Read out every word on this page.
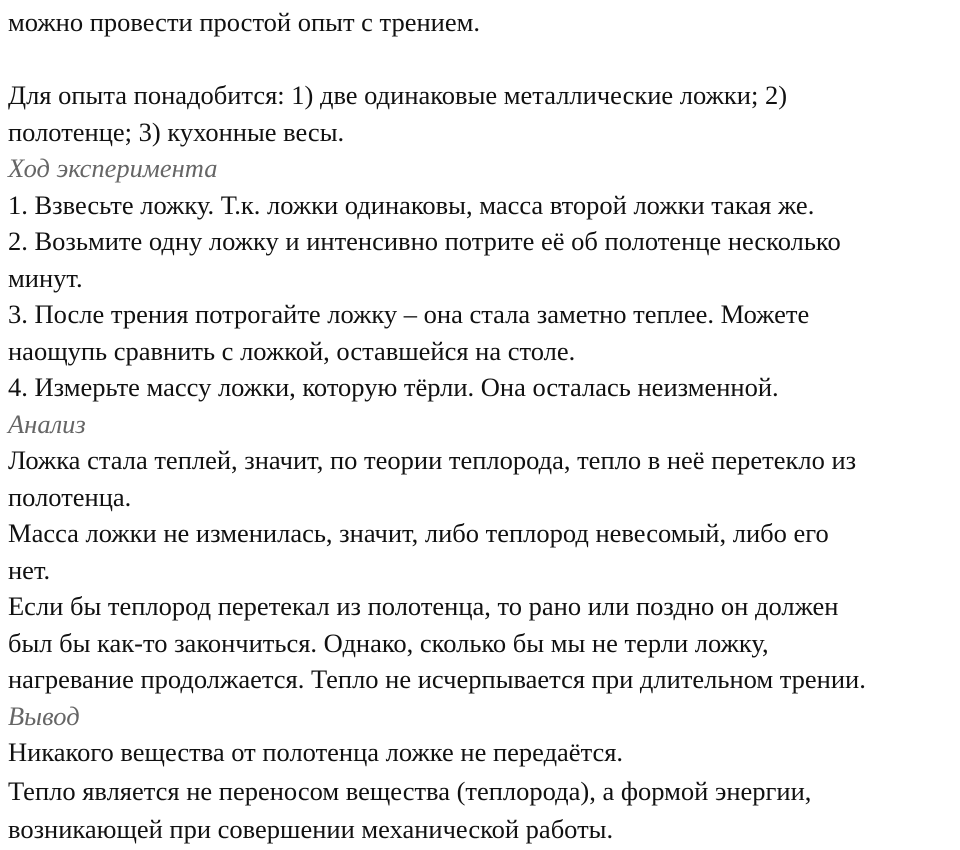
можно провести простой опыт с трением.
Для опыта понадобится: 1) две одинаковые металлические ложки; 2)
полотенце; 3) кухонные весы.
Ход эксперимента
1. Взвесьте ложку. Т.к. ложки одинаковы, масса второй ложки такая же.
2. Возьмите одну ложку и интенсивно потрите её об полотенце несколько
минут.
3. После трения потрогайте ложку – она стала заметно теплее. Можете
наощупь сравнить с ложкой, оставшейся на столе.
4. Измерьте массу ложки, которую тёрли. Она осталась неизменной.
Анализ
Ложка стала теплей, значит, по теории теплорода, тепло в неё перетекло из
полотенца.
Масса ложки не изменилась, значит, либо теплород невесомый, либо его
нет.
Если бы теплород перетекал из полотенца, то рано или поздно он должен
был бы как-то закончиться. Однако, сколько бы мы не терли ложку,
нагревание продолжается. Тепло не исчерпывается при длительном трении.
Вывод
Никакого вещества от полотенца ложке не передаётся.
Тепло является не переносом вещества (теплорода), а формой энергии,
возникающей при совершении механической работы.
